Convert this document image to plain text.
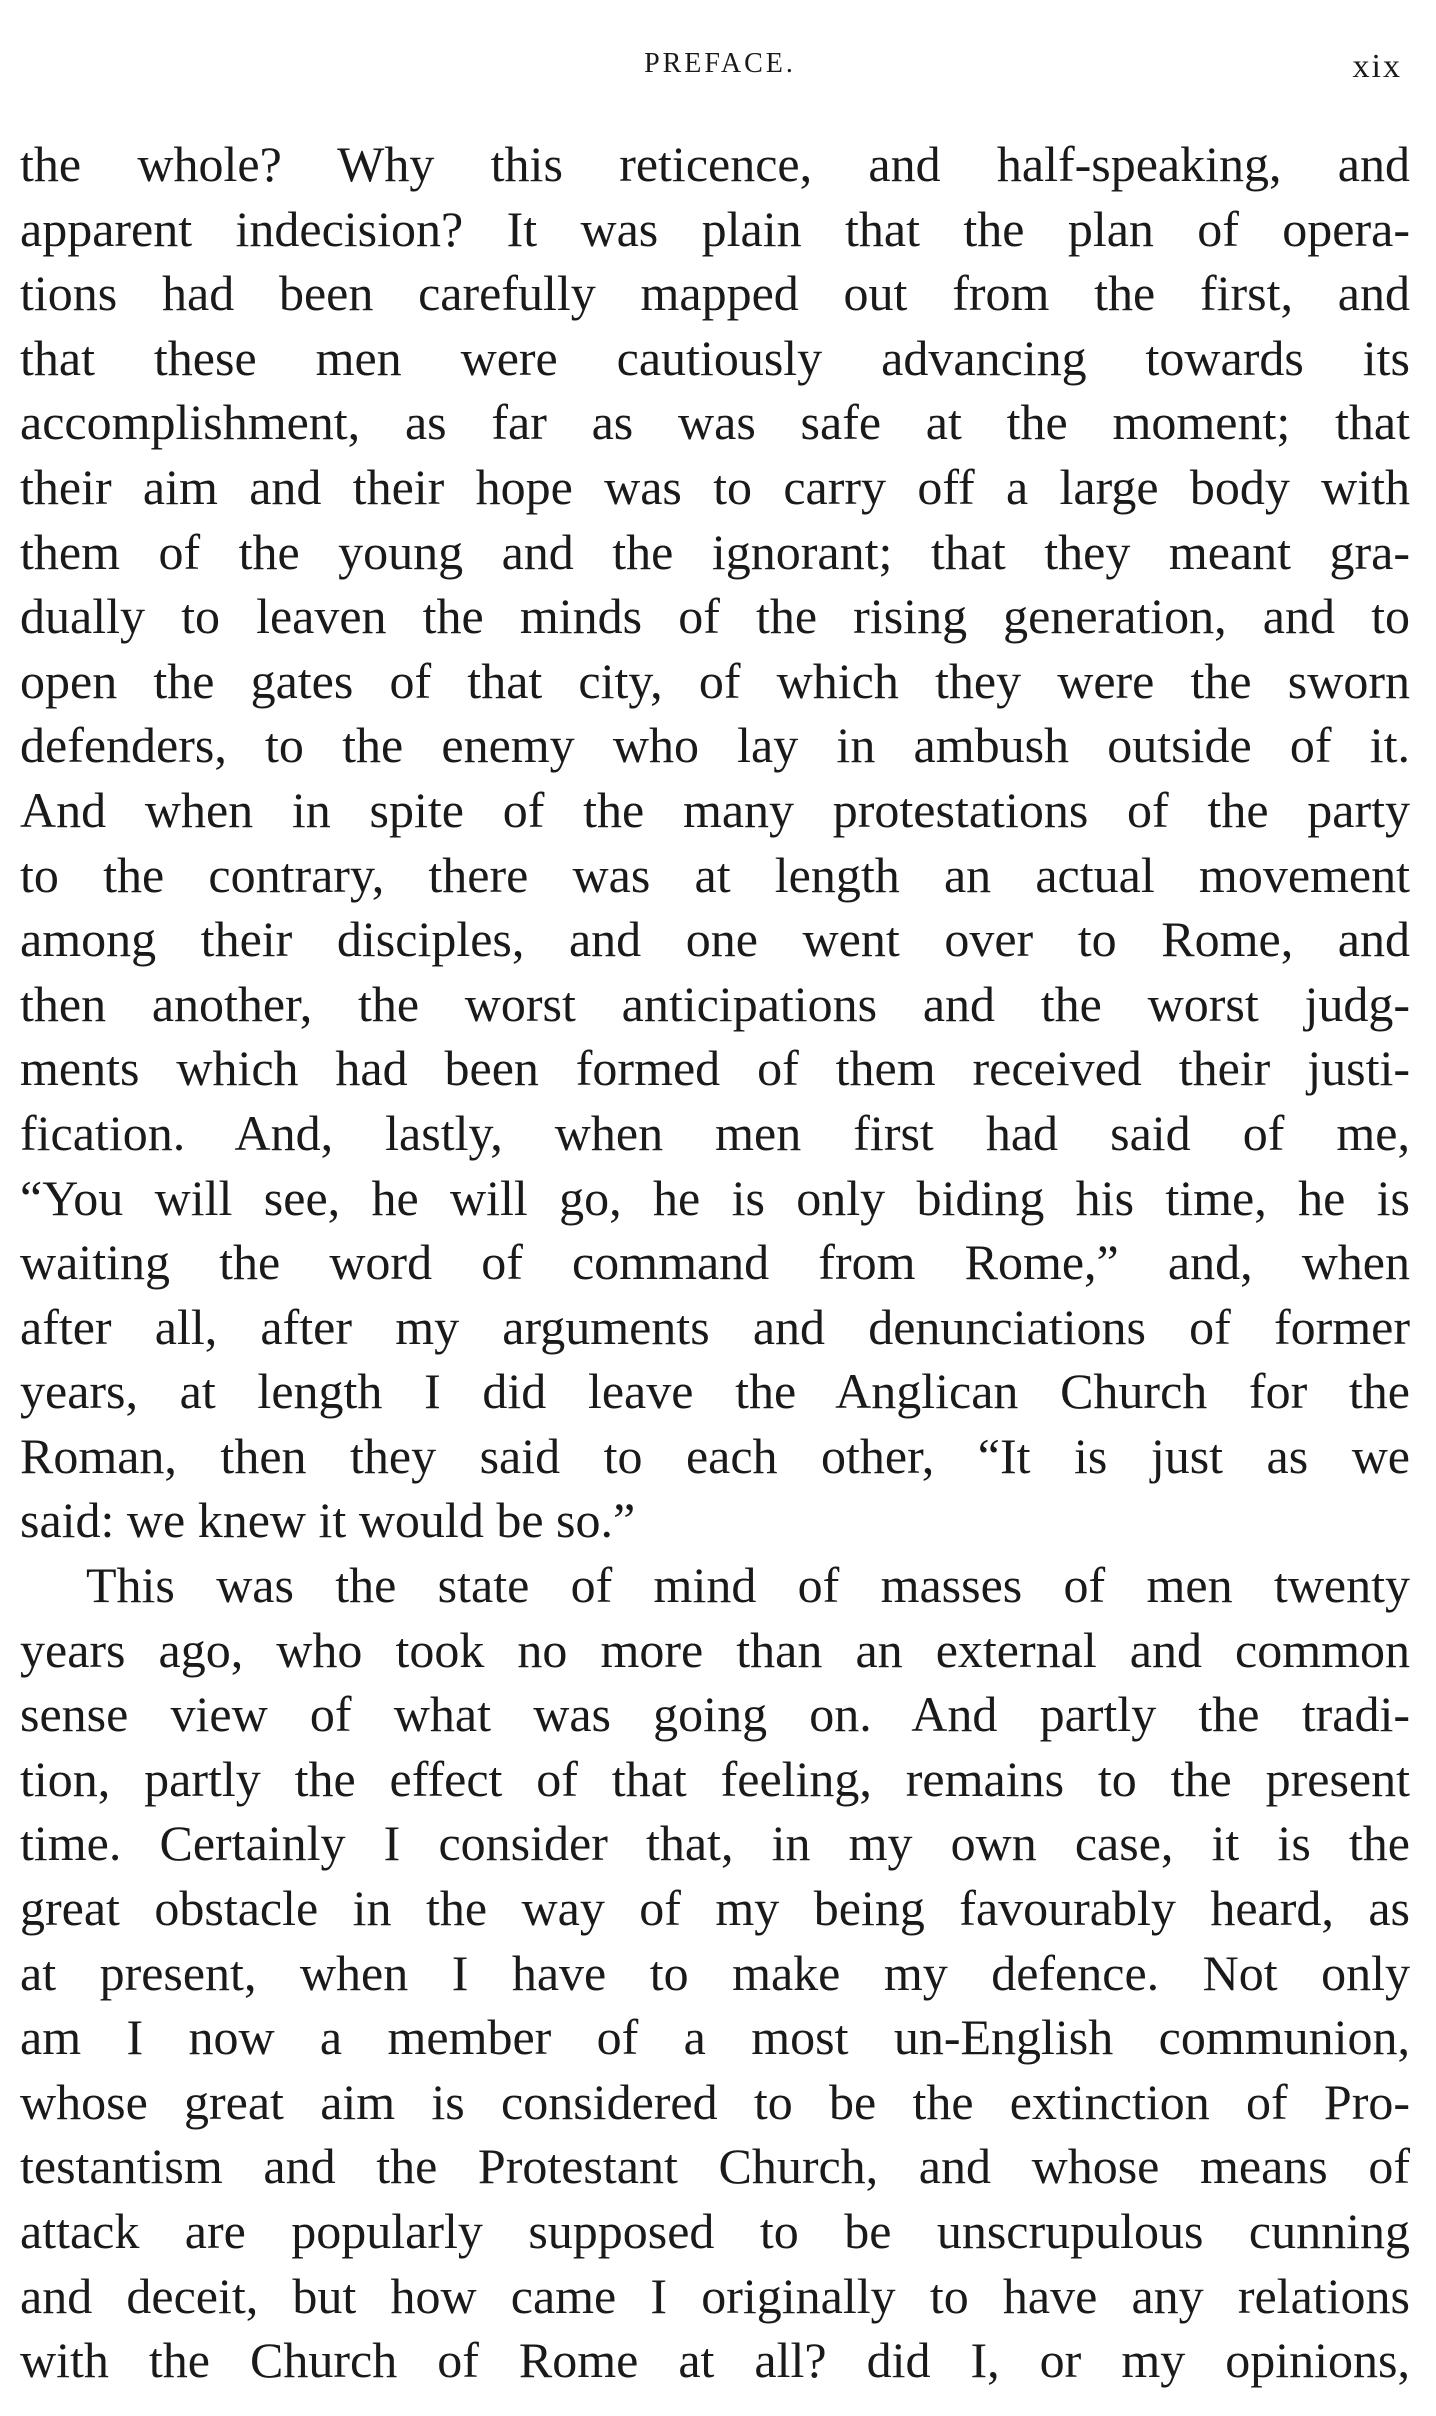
PREFACE.	xix
the whole? Why this reticence, and half-speaking, and
apparent indecision? It was plain that the plan of opera-
tions had been carefully mapped out from the first, and
that these men were cautiously advancing towards its
accomplishment, as far as was safe at the moment; that
their aim and their hope was to carry off a large body with
them of the young and the ignorant; that they meant gra-
dually to leaven the minds of the rising generation, and to
open the gates of that city, of which they were the sworn
defenders, to the enemy who lay in ambush outside of it.
And when in spite of the many protestations of the party
to the contrary, there was at length an actual movement
among their disciples, and one went over to Rome, and
then another, the worst anticipations and the worst judg-
ments which had been formed of them received their justi-
fication. And, lastly, when men first had said of me,
“You will see, he will go, he is only biding his time, he is
waiting the word of command from Rome,” and, when
after all, after my arguments and denunciations of former
years, at length I did leave the Anglican Church for the
Roman, then they said to each other, “It is just as we
said: we knew it would be so.”
This was the state of mind of masses of men twenty
years ago, who took no more than an external and common
sense view of what was going on. And partly the tradi-
tion, partly the effect of that feeling, remains to the present
time. Certainly I consider that, in my own case, it is the
great obstacle in the way of my being favourably heard, as
at present, when I have to make my defence. Not only
am I now a member of a most un-English communion,
whose great aim is considered to be the extinction of Pro-
testantism and the Protestant Church, and whose means of
attack are popularly supposed to be unscrupulous cunning
and deceit, but how came I originally to have any relations
with the Church of Rome at all? did I, or my opinions,
